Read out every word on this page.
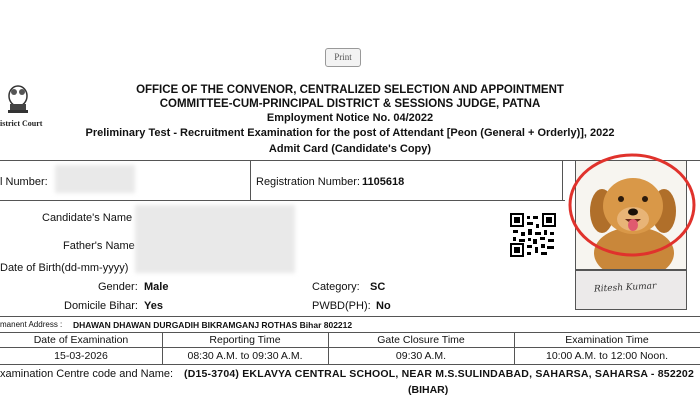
Print
istrict Court
OFFICE OF THE CONVENOR, CENTRALIZED SELECTION AND APPOINTMENT
COMMITTEE-CUM-PRINCIPAL DISTRICT & SESSIONS JUDGE, PATNA
Employment Notice No. 04/2022
Preliminary Test - Recruitment Examination for the post of Attendant [Peon (General + Orderly)], 2022
Admit Card (Candidate's Copy)
l Number:	Registration Number: 1105618
Candidate's Name
Father's Name
Date of Birth(dd-mm-yyyy)
Ritesh Kumar
Gender: Male	Category: SC
Domicile Bihar: Yes	PWBD(PH): No
manent Address : DHAWAN DHAWAN DURGADIH BIKRAMGANJ ROTHAS Bihar 802212
Date of Examination	Reporting Time	Gate Closure Time	Examination Time
15-03-2026	08:30 A.M. to 09:30 A.M.	09:30 A.M.	10:00 A.M. to 12:00 Noon.
xamination Centre code and Name: (D15-3704) EKLAVYA CENTRAL SCHOOL, NEAR M.S.SULINDABAD, SAHARSA, SAHARSA - 852202
(BIHAR)
